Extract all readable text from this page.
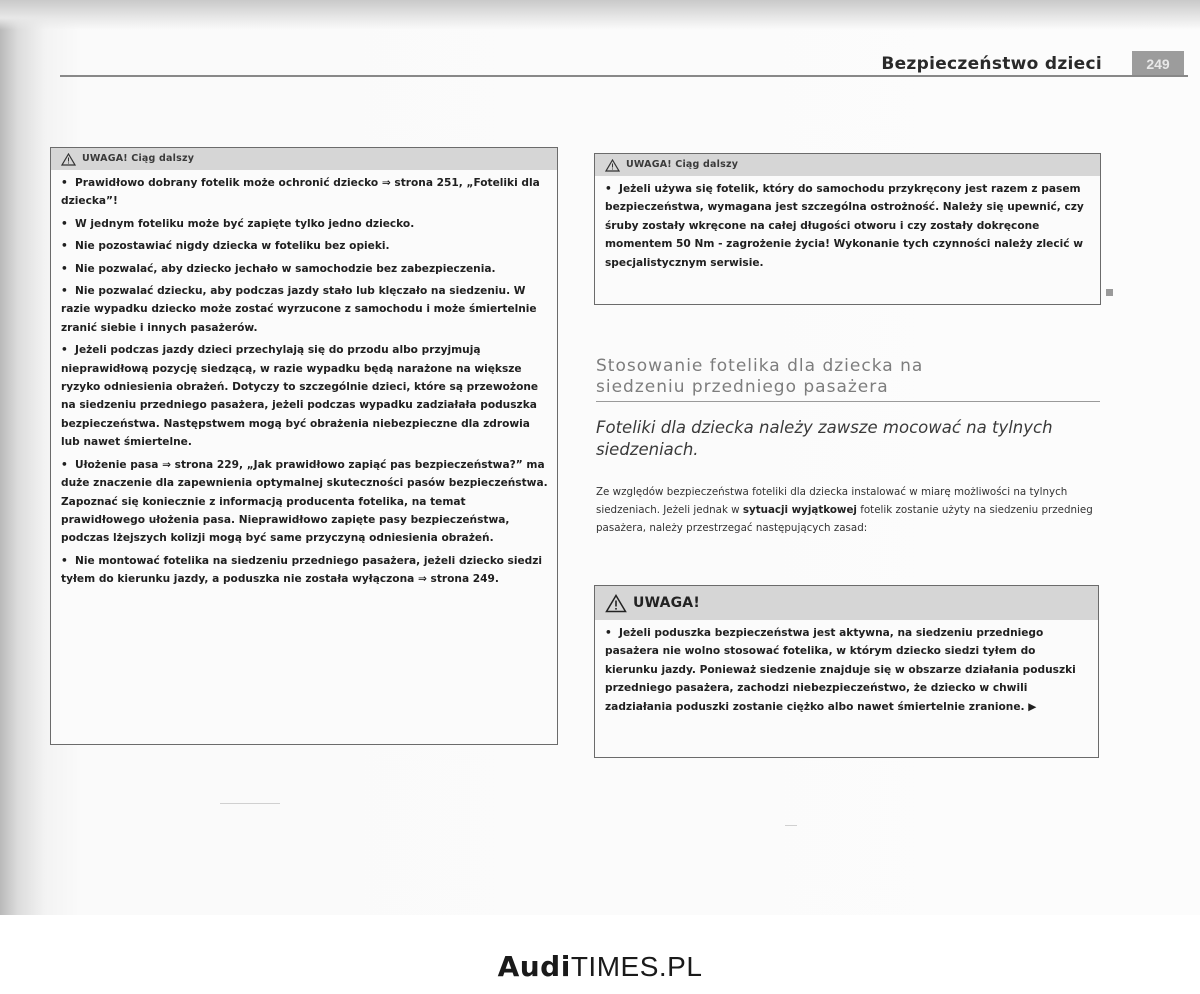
Bezpieczeństwo dzieci	249
UWAGA! Ciąg dalszy
• Prawidłowo dobrany fotelik może ochronić dziecko ⇒ strona 251, „Foteliki dla dziecka”!
• W jednym foteliku może być zapięte tylko jedno dziecko.
• Nie pozostawiać nigdy dziecka w foteliku bez opieki.
• Nie pozwalać, aby dziecko jechało w samochodzie bez zabezpieczenia.
• Nie pozwalać dziecku, aby podczas jazdy stało lub klęczało na siedzeniu. W razie wypadku dziecko może zostać wyrzucone z samochodu i może śmiertelnie zranić siebie i innych pasażerów.
• Jeżeli podczas jazdy dzieci przechylają się do przodu albo przyjmują nieprawidłową pozycję siedzącą, w razie wypadku będą narażone na większe ryzyko odniesienia obrażeń. Dotyczy to szczególnie dzieci, które są przewożone na siedzeniu przedniego pasażera, jeżeli podczas wypadku zadziałała poduszka bezpieczeństwa. Następstwem mogą być obrażenia niebezpieczne dla zdrowia lub nawet śmiertelne.
• Ułożenie pasa ⇒ strona 229, „Jak prawidłowo zapiąć pas bezpieczeństwa?” ma duże znaczenie dla zapewnienia optymalnej skuteczności pasów bezpieczeństwa. Zapoznać się koniecznie z informacją producenta fotelika, na temat prawidłowego ułożenia pasa. Nieprawidłowo zapięte pasy bezpieczeństwa, podczas lżejszych kolizji mogą być same przyczyną odniesienia obrażeń.
• Nie montować fotelika na siedzeniu przedniego pasażera, jeżeli dziecko siedzi tyłem do kierunku jazdy, a poduszka nie została wyłączona ⇒ strona 249.
UWAGA! Ciąg dalszy
• Jeżeli używa się fotelik, który do samochodu przykręcony jest razem z pasem bezpieczeństwa, wymagana jest szczególna ostrożność. Należy się upewnić, czy śruby zostały wkręcone na całej długości otworu i czy zostały dokręcone momentem 50 Nm - zagrożenie życia! Wykonanie tych czynności należy zlecić w specjalistycznym serwisie.
Stosowanie fotelika dla dziecka na
siedzeniu przedniego pasażera
Foteliki dla dziecka należy zawsze mocować na tylnych
siedzeniach.
Ze względów bezpieczeństwa foteliki dla dziecka instalować w miarę możliwości na tylnych siedzeniach. Jeżeli jednak w sytuacji wyjątkowej fotelik zostanie użyty na siedzeniu przednieg pasażera, należy przestrzegać następujących zasad:
UWAGA!
• Jeżeli poduszka bezpieczeństwa jest aktywna, na siedzeniu przedniego pasażera nie wolno stosować fotelika, w którym dziecko siedzi tyłem do kierunku jazdy. Ponieważ siedzenie znajduje się w obszarze działania poduszki przedniego pasażera, zachodzi niebezpieczeństwo, że dziecko w chwili zadziałania poduszki zostanie ciężko albo nawet śmiertelnie zranione. ▶
AudiTIMES.PL
